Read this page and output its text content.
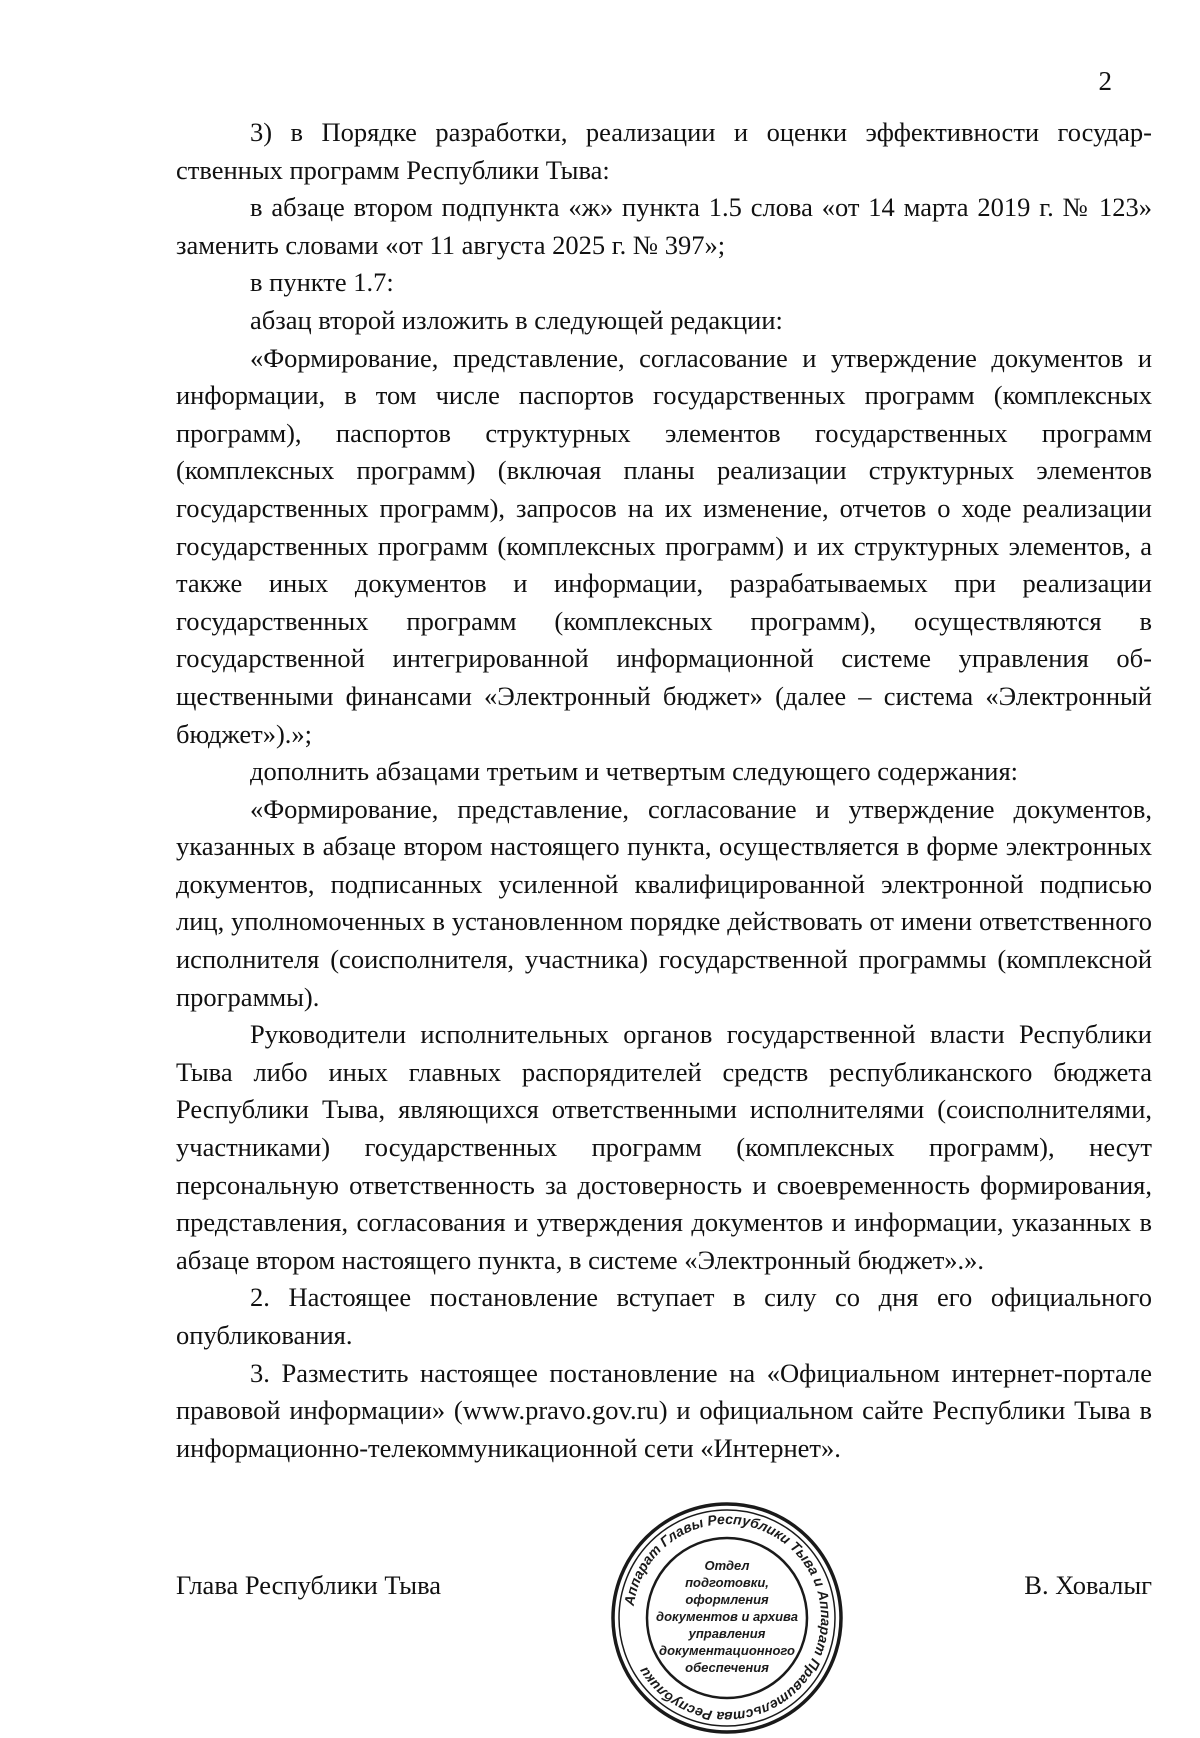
2

3) в Порядке разработки, реализации и оценки эффективности государственных программ Республики Тыва:

в абзаце втором подпункта «ж» пункта 1.5 слова «от 14 марта 2019 г. № 123» заменить словами «от 11 августа 2025 г. № 397»;

в пункте 1.7:

абзац второй изложить в следующей редакции:

«Формирование, представление, согласование и утверждение документов и информации, в том числе паспортов государственных программ (комплексных программ), паспортов структурных элементов государственных программ (комплексных программ) (включая планы реализации структурных элементов государственных программ), запросов на их изменение, отчетов о ходе реализации государственных программ (комплексных программ) и их структурных элементов, а также иных документов и информации, разрабатываемых при реализации государственных программ (комплексных программ), осуществляются в государственной интегрированной информационной системе управления общественными финансами «Электронный бюджет» (далее – система «Электронный бюджет»).»;

дополнить абзацами третьим и четвертым следующего содержания:

«Формирование, представление, согласование и утверждение документов, указанных в абзаце втором настоящего пункта, осуществляется в форме электронных документов, подписанных усиленной квалифицированной электронной подписью лиц, уполномоченных в установленном порядке действовать от имени ответственного исполнителя (соисполнителя, участника) государственной программы (комплексной программы).

Руководители исполнительных органов государственной власти Республики Тыва либо иных главных распорядителей средств республиканского бюджета Республики Тыва, являющихся ответственными исполнителями (соисполнителями, участниками) государственных программ (комплексных программ), несут персональную ответственность за достоверность и своевременность формирования, представления, согласования и утверждения документов и информации, указанных в абзаце втором настоящего пункта, в системе «Электронный бюджет».».

2. Настоящее постановление вступает в силу со дня его официального опубликования.

3. Разместить настоящее постановление на «Официальном интернет-портале правовой информации» (www.pravo.gov.ru) и официальном сайте Республики Тыва в информационно-телекоммуникационной сети «Интернет».

Глава Республики Тыва	В. Ховалыг
Аппарат Главы Республики Тыва и Аппарат Правительства Республики
Отдел
подготовки,
оформления
документов и архива
управления
документационного
обеспечения
